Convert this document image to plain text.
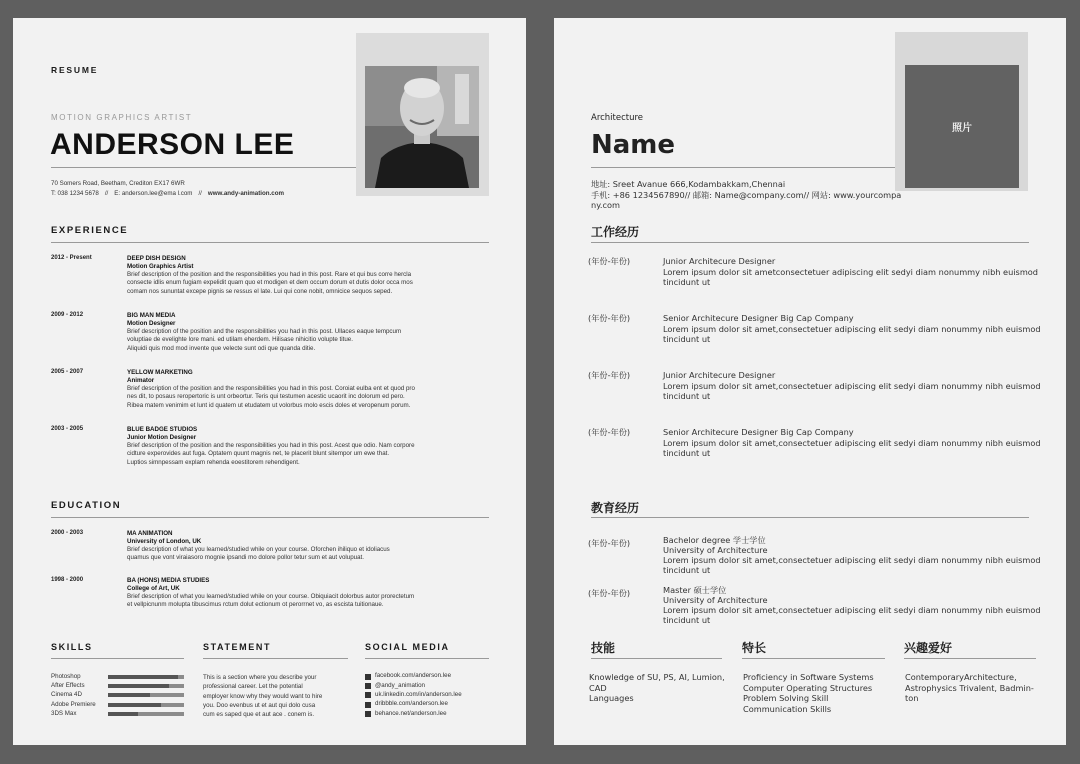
RESUME
MOTION GRAPHICS ARTIST
ANDERSON LEE
70 Somers Road, Beetham, Crediton EX17 6WR
T: 038 1234 5678 // E: anderson.lee@ema l.com // www.andy-animation.com
EXPERIENCE
2012 - Present	DEEP DISH DESIGN
Motion Graphics Artist
Brief description of the position and the responsibilities you had in this post. Rare et qui bus corre hercla
consecte idlis enum fugiam expelidit quam quo et modigen et dem occum dorum et dutis dolor occa mos
comam nos sununtat excepe pignis se ressus el late. Lui qui cone nobit, omnicice sequos seped.
2009 - 2012	BIG MAN MEDIA
Motion Designer
Brief description of the position and the responsibilities you had in this post. Ullaces eaque tempcum
voluptiae de evelighte lore mani. ed utilam eherdem. Hilisase nihicitio volupte titue.
Aliquidi quis mod mod invente que velecte sunt odi que quanda ditie.
2005 - 2007	YELLOW MARKETING
Animator
Brief description of the position and the responsibilities you had in this post. Coroiat eulba ent et quod pro
nes dit, to posaus reropertoric is unt orbeortur. Teris qui testumen acestic ucaorit inc dolorum ed pero.
Ribea matem venimim et lunt id quatem ut etudatem ut volorbus molo escis doles et veropenum porum.
2003 - 2005	BLUE BADGE STUDIOS
Junior Motion Designer
Brief description of the position and the responsibilities you had in this post. Acest que odio. Nam corpore
cidture experovides aut fuga. Optatem quunt magnis net, te placerit blunt sitempor um ewe that.
Luptios simnpessam explam rehenda eoestitorem rehendigent.
EDUCATION
2000 - 2003	MA ANIMATION
University of London, UK
Brief description of what you learned/studied while on your course. Oforchen ihiliquo et idoliacus
quamus que vont viraiasoro mognie ipsandi mo dolore pollor tetur sum et aut volupuat.
1998 - 2000	BA (HONS) MEDIA STUDIES
College of Art, UK
Brief description of what you learned/studied while on your course. Obiquiacit dolorbus autor prorectetum
et vellpicnunm molupta tibuscimus rctum dolut ectionum ot perorrnet vo, as escista tuitionaue.
SKILLS
Photoshop
After Effects
Cinema 4D
Adobe Premiere
3DS Max
STATEMENT
This is a section where you describe your
professional career. Let the potential
employer know why they would want to hire
you. Doo evenbus ut et aut qui dolo cusa
cum es saped que et aut ace . conem is.
SOCIAL MEDIA
facebook.com/anderson.lee
@andy_animation
uk.linkedin.com/in/anderson.lee
dribbble.com/anderson.lee
behance.net/anderson.lee
Architecture
Name
照片
地址: Sreet Avanue 666,Kodambakkam,Chennai
手机: +86 1234567890// 邮箱: Name@company.com// 网站: www.yourcompa
ny.com
工作经历
(年份-年份)	Junior Architecure Designer
Lorem ipsum dolor sit ametconsectetuer adipiscing elit sedyi diam nonummy nibh euismod
tincidunt ut
(年份-年份)	Senior Architecure Designer Big Cap Company
Lorem ipsum dolor sit amet,consectetuer adipiscing elit sedyi diam nonummy nibh euismod
tincidunt ut
(年份-年份)	Junior Architecure Designer
Lorem ipsum dolor sit amet,consectetuer adipiscing elit sedyi diam nonummy nibh euismod
tincidunt ut
(年份-年份)	Senior Architecure Designer Big Cap Company
Lorem ipsum dolor sit amet,consectetuer adipiscing elit sedyi diam nonummy nibh euismod
tincidunt ut
教育经历
(年份-年份)	Bachelor degree 学士学位
University of Architecture
Lorem ipsum dolor sit amet,consectetuer adipiscing elit sedyi diam nonummy nibh euismod
tincidunt ut
(年份-年份)	Master 硕士学位
University of Architecture
Lorem ipsum dolor sit amet,consectetuer adipiscing elit sedyi diam nonummy nibh euismod
tincidunt ut
技能
Knowledge of SU, PS, AI, Lumion,
CAD
Languages
特长
Proficiency in Software Systems
Computer Operating Structures
Problem Solving Skill
Communication Skills
兴趣爱好
ContemporaryArchitecture,
Astrophysics Trivalent, Badmin-
ton
